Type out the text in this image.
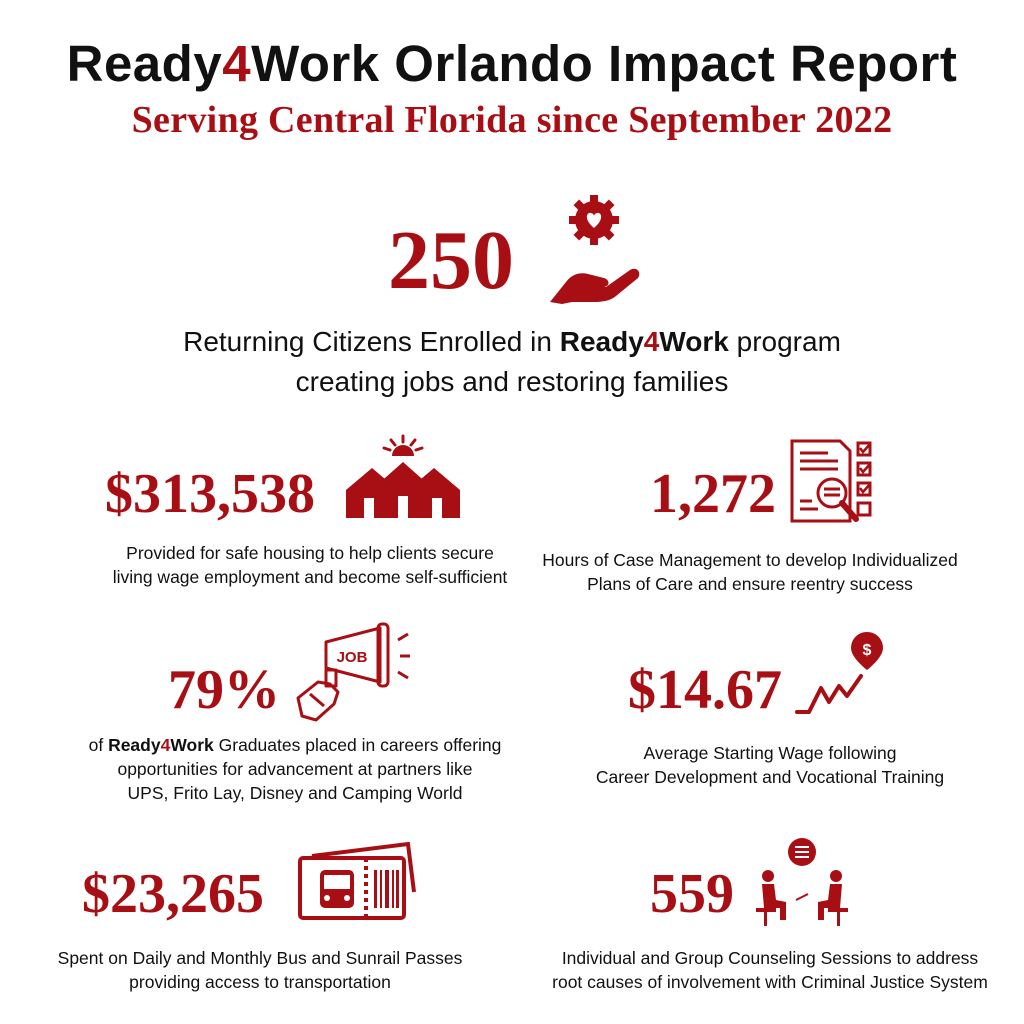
Ready4Work Orlando Impact Report
Serving Central Florida since September 2022
250
Returning Citizens Enrolled in Ready4Work program
creating jobs and restoring families
$313,538
Provided for safe housing to help clients secure
living wage employment and become self-sufficient
1,272
Hours of Case Management to develop Individualized
Plans of Care and ensure reentry success
79%
JOB
of Ready4Work Graduates placed in careers offering
opportunities for advancement at partners like
UPS, Frito Lay, Disney and Camping World
$14.67
$
Average Starting Wage following
Career Development and Vocational Training
$23,265
Spent on Daily and Monthly Bus and Sunrail Passes
providing access to transportation
559
Individual and Group Counseling Sessions to address
root causes of involvement with Criminal Justice System
